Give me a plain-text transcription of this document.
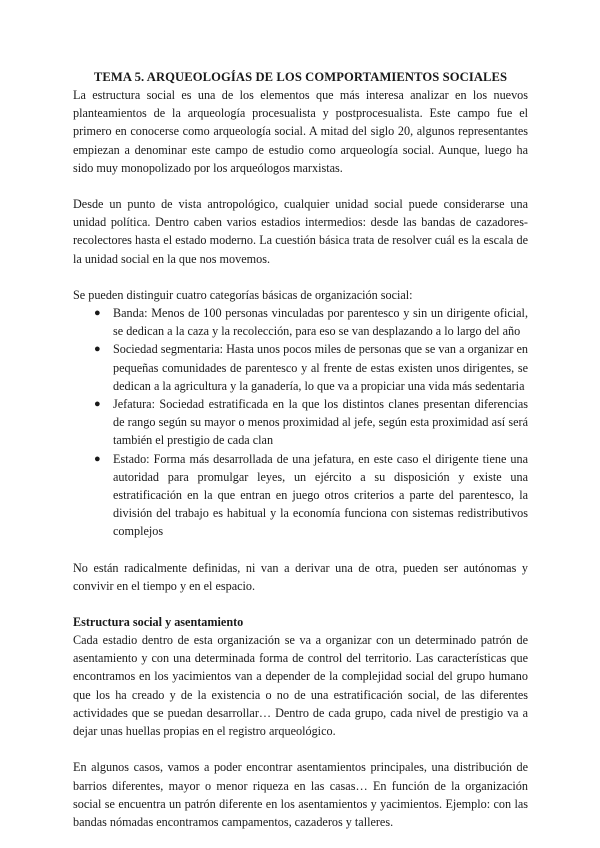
TEMA 5. ARQUEOLOGÍAS DE LOS COMPORTAMIENTOS SOCIALES

La estructura social es una de los elementos que más interesa analizar en los nuevos planteamientos de la arqueología procesualista y postprocesualista. Este campo fue el primero en conocerse como arqueología social. A mitad del siglo 20, algunos representantes empiezan a denominar este campo de estudio como arqueología social. Aunque, luego ha sido muy monopolizado por los arqueólogos marxistas.

Desde un punto de vista antropológico, cualquier unidad social puede considerarse una unidad política. Dentro caben varios estadios intermedios: desde las bandas de cazadores-recolectores hasta el estado moderno. La cuestión básica trata de resolver cuál es la escala de la unidad social en la que nos movemos.

Se pueden distinguir cuatro categorías básicas de organización social:

● Banda: Menos de 100 personas vinculadas por parentesco y sin un dirigente oficial, se dedican a la caza y la recolección, para eso se van desplazando a lo largo del año
● Sociedad segmentaria: Hasta unos pocos miles de personas que se van a organizar en pequeñas comunidades de parentesco y al frente de estas existen unos dirigentes, se dedican a la agricultura y la ganadería, lo que va a propiciar una vida más sedentaria
● Jefatura: Sociedad estratificada en la que los distintos clanes presentan diferencias de rango según su mayor o menos proximidad al jefe, según esta proximidad así será también el prestigio de cada clan
● Estado: Forma más desarrollada de una jefatura, en este caso el dirigente tiene una autoridad para promulgar leyes, un ejército a su disposición y existe una estratificación en la que entran en juego otros criterios a parte del parentesco, la división del trabajo es habitual y la economía funciona con sistemas redistributivos complejos

No están radicalmente definidas, ni van a derivar una de otra, pueden ser autónomas y convivir en el tiempo y en el espacio.

Estructura social y asentamiento

Cada estadio dentro de esta organización se va a organizar con un determinado patrón de asentamiento y con una determinada forma de control del territorio. Las características que encontramos en los yacimientos van a depender de la complejidad social del grupo humano que los ha creado y de la existencia o no de una estratificación social, de las diferentes actividades que se puedan desarrollar… Dentro de cada grupo, cada nivel de prestigio va a dejar unas huellas propias en el registro arqueológico.

En algunos casos, vamos a poder encontrar asentamientos principales, una distribución de barrios diferentes, mayor o menor riqueza en las casas… En función de la organización social se encuentra un patrón diferente en los asentamientos y yacimientos. Ejemplo: con las bandas nómadas encontramos campamentos, cazaderos y talleres.
